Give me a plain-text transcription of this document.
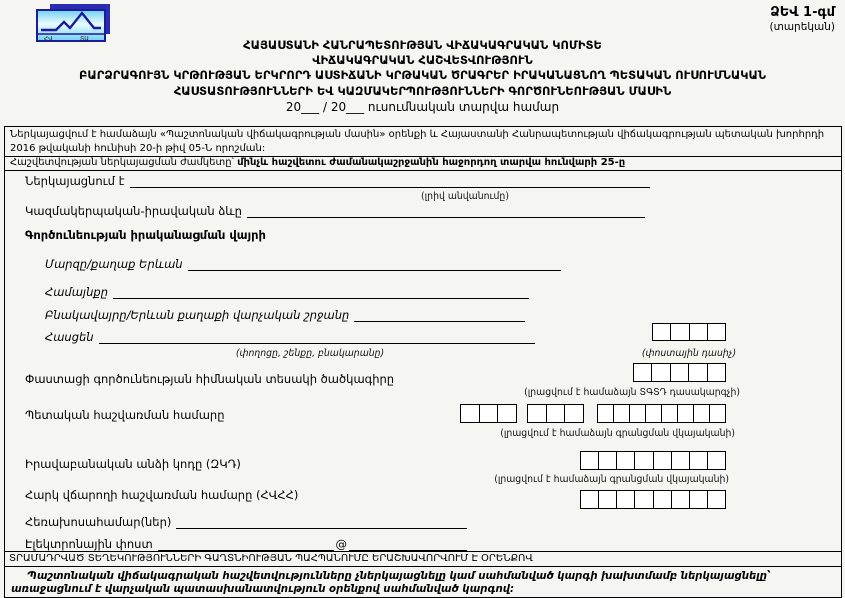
ՀՎ	ՏԱ
ՁԵՎ 1-գմ
(տարեկան)
ՀԱՅԱՍՏԱՆԻ ՀԱՆՐԱՊԵՏՈՒԹՅԱՆ ՎԻՃԱԿԱԳՐԱԿԱՆ ԿՈՄԻՏԵ
ՎԻՃԱԿԱԳՐԱԿԱՆ ՀԱՇՎԵՏՎՈՒԹՅՈՒՆ
ԲԱՐՁՐԱԳՈՒՅՆ ԿՐԹՈՒԹՅԱՆ ԵՐԿՐՈՐԴ ԱՍՏԻՃԱՆԻ ԿՐԹԱԿԱՆ ԾՐԱԳՐԵՐ ԻՐԱԿԱՆԱՑՆՈՂ ՊԵՏԱԿԱՆ ՈՒՍՈՒՄՆԱԿԱՆ
ՀԱՍՏԱՏՈՒԹՅՈՒՆՆԵՐԻ ԵՎ ԿԱԶՄԱԿԵՐՊՈՒԹՅՈՒՆՆԵՐԻ ԳՈՐԾՈՒՆԵՈՒԹՅԱՆ ՄԱՍԻՆ
20___ / 20___ ուսումնական տարվա համար
Ներկայացվում է համաձայն «Պաշտոնական վիճակագրության մասին» օրենքի և Հայաստանի Հանրապետության վիճակագրության պետական խորհրդի 2016 թվականի հունիսի 20-ի թիվ 05-Ն որոշման:
Հաշվետվության ներկայացման ժամկետը՝ մինչև հաշվետու ժամանակաշրջանին հաջորդող տարվա հունվարի 25-ը
Ներկայացնում է
(լրիվ անվանումը)
Կազմակերպական-իրավական ձևը
Գործունեության իրականացման վայրի
Մարզը/քաղաք Երևան
Համայնքը
Բնակավայրը/Երևան քաղաքի վարչական շրջանը
Հասցեն
(փողոցը, շենքը, բնակարանը)	(փոստային դասիչ)
Փաստացի գործունեության հիմնական տեսակի ծածկագիրը
(լրացվում է համաձայն ՏԳՏԴ դասակարգչի)
Պետական հաշվառման համարը
(լրացվում է համաձայն գրանցման վկայականի)
Իրավաբանական անձի կոդը (ԶԿԴ)
(լրացվում է համաձայն գրանցման վկայականի)
Հարկ վճարողի հաշվառման համարը (ՀՎՀՀ)
Հեռախոսահամար(ներ)
Էլեկտրոնային փոստ	@
ՏՐԱՄԱԴՐՎԱԾ ՏԵՂԵԿՈՒԹՅՈՒՆՆԵՐԻ ԳԱՂՏՆԻՈՒԹՅԱՆ ՊԱՀՊԱՆՈՒՄԸ ԵՐԱՇԽԱՎՈՐՎՈՒՄ Է ՕՐԵՆՔՈՎ
Պաշտոնական վիճակագրական հաշվետվությունները չներկայացնելը կամ սահմանված կարգի խախտմամբ ներկայացնելը՝ առաջացնում է վարչական պատասխանատվություն օրենքով սահմանված կարգով:
